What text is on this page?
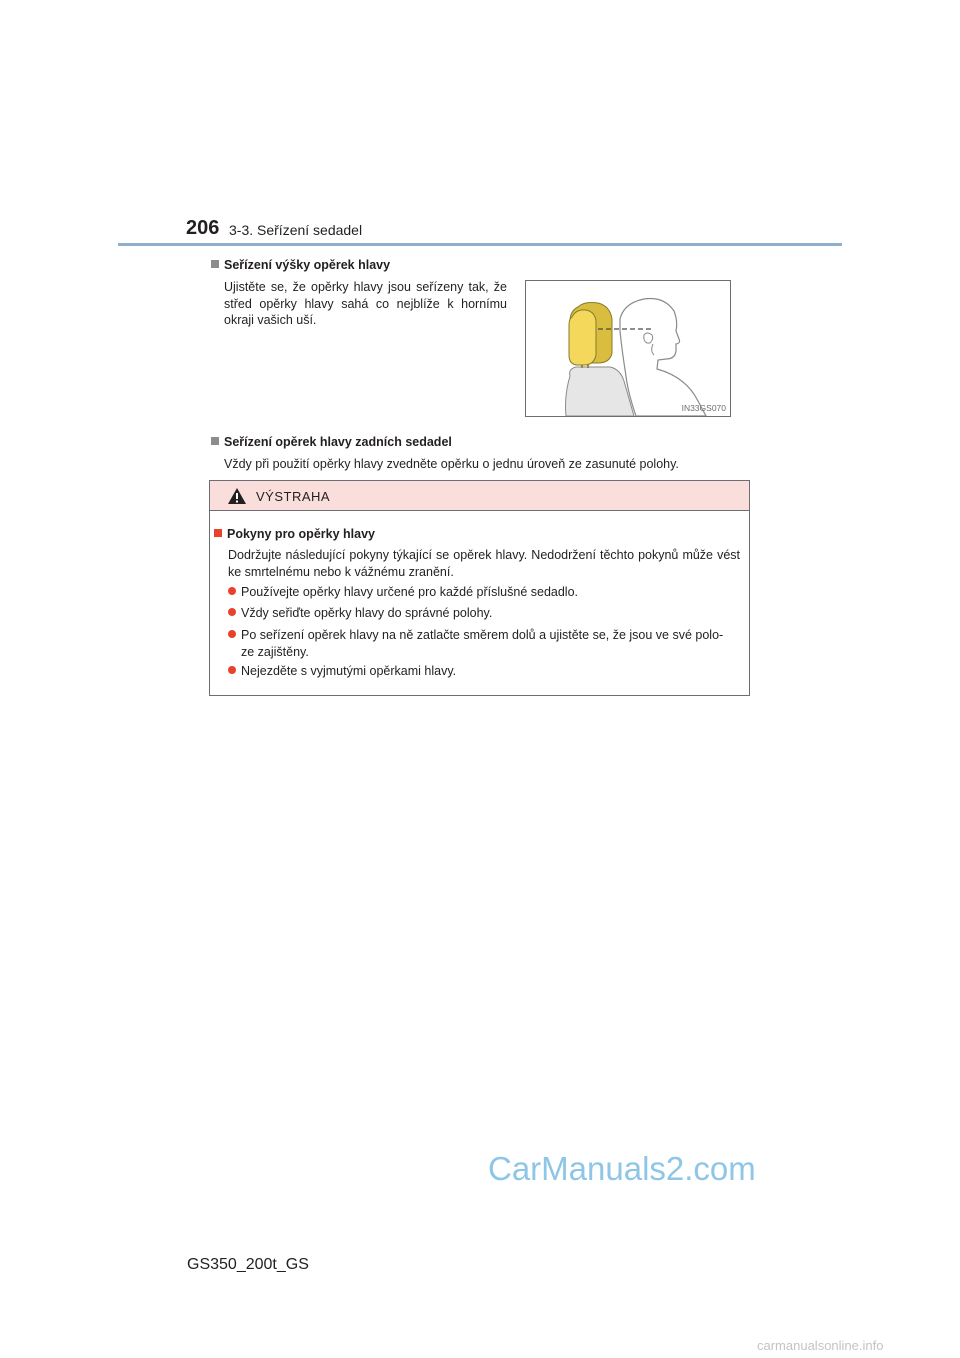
206 3-3. Seřízení sedadel
Seřízení výšky opěrek hlavy
Ujistěte se, že opěrky hlavy jsou seřízeny tak, že střed opěrky hlavy sahá co nejblíže k hornímu okraji vašich uší.
IN33GS070
Seřízení opěrek hlavy zadních sedadel
Vždy při použití opěrky hlavy zvedněte opěrku o jednu úroveň ze zasunuté polohy.
VÝSTRAHA
Pokyny pro opěrky hlavy
Dodržujte následující pokyny týkající se opěrek hlavy. Nedodržení těchto pokynů může vést ke smrtelnému nebo k vážnému zranění.
Používejte opěrky hlavy určené pro každé příslušné sedadlo.
Vždy seřiďte opěrky hlavy do správné polohy.
Po seřízení opěrek hlavy na ně zatlačte směrem dolů a ujistěte se, že jsou ve své polo-
ze zajištěny.
Nejezděte s vyjmutými opěrkami hlavy.
CarManuals2.com
GS350_200t_GS
carmanualsonline.info
